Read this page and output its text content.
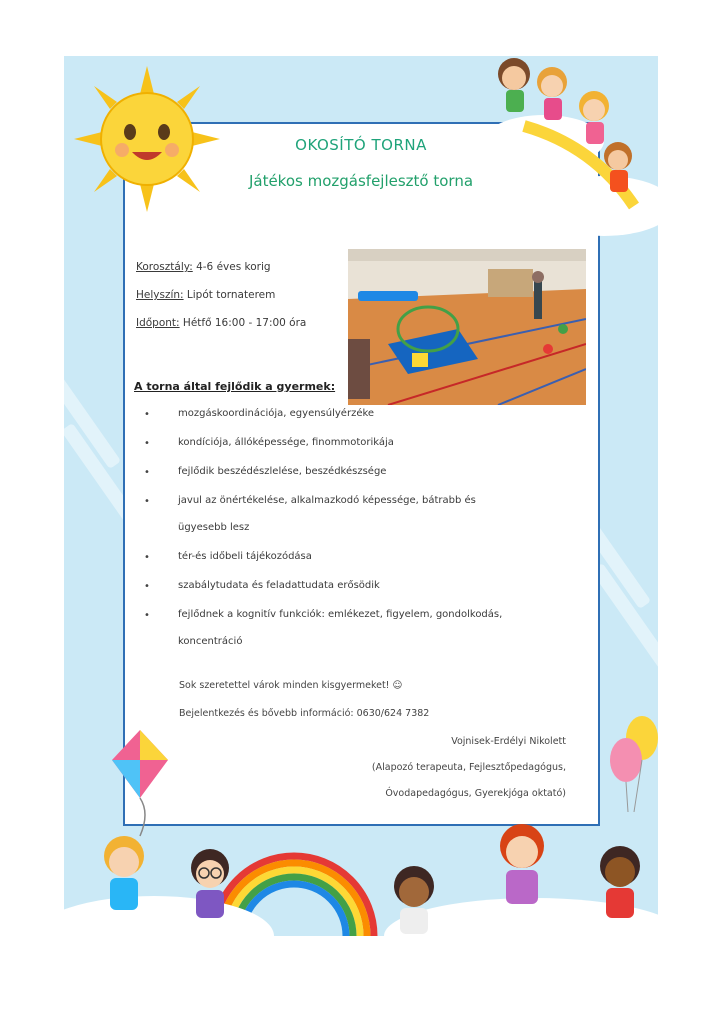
OKOSÍTÓ TORNA
Játékos mozgásfejlesztő torna
Korosztály: 4-6 éves korig
Helyszín: Lipót tornaterem
Időpont: Hétfő 16:00 - 17:00 óra
A torna által fejlődik a gyermek:
•	mozgáskoordinációja, egyensúlyérzéke
•	kondíciója, állóképessége, finommotorikája
•	fejlődik beszédészlelése, beszédkészsége
•	javul az önértékelése, alkalmazkodó képessége, bátrabb és
ügyesebb lesz
•	tér-és időbeli tájékozódása
•	szabálytudata és feladattudata erősödik
•	fejlődnek a kognitív funkciók: emlékezet, figyelem, gondolkodás,
koncentráció
Sok szeretettel várok minden kisgyermeket! ☺
Bejelentkezés és bővebb információ: 0630/624 7382
Vojnisek-Erdélyi Nikolett
(Alapozó terapeuta, Fejlesztőpedagógus,
Óvodapedagógus, Gyerekjóga oktató)
